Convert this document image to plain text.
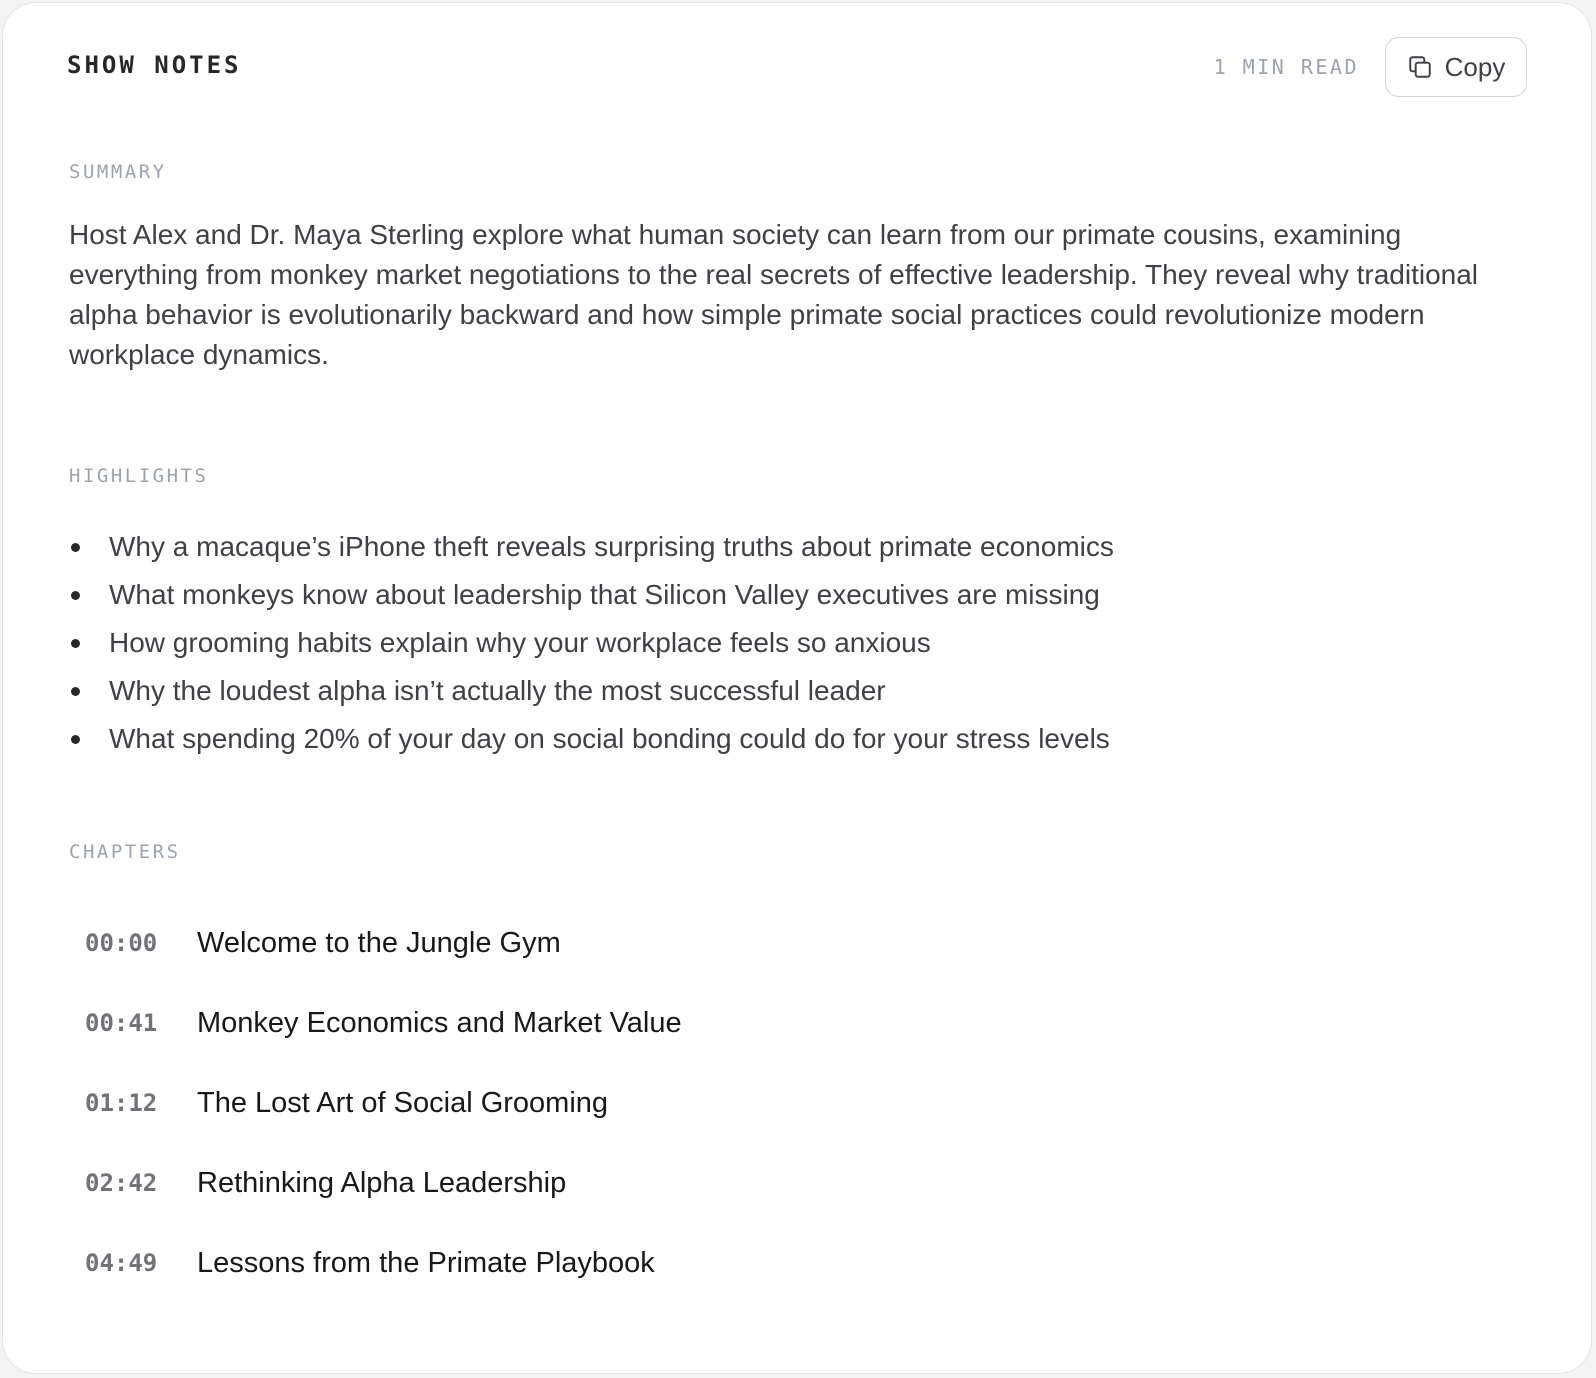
SHOW NOTES	1 MIN READ	Copy
SUMMARY

Host Alex and Dr. Maya Sterling explore what human society can learn from our primate cousins, examining everything from monkey market negotiations to the real secrets of effective leadership. They reveal why traditional alpha behavior is evolutionarily backward and how simple primate social practices could revolutionize modern workplace dynamics.

HIGHLIGHTS
Why a macaque’s iPhone theft reveals surprising truths about primate economics
What monkeys know about leadership that Silicon Valley executives are missing
How grooming habits explain why your workplace feels so anxious
Why the loudest alpha isn’t actually the most successful leader
What spending 20% of your day on social bonding could do for your stress levels
CHAPTERS
00:00	Welcome to the Jungle Gym
00:41	Monkey Economics and Market Value
01:12	The Lost Art of Social Grooming
02:42	Rethinking Alpha Leadership
04:49	Lessons from the Primate Playbook
